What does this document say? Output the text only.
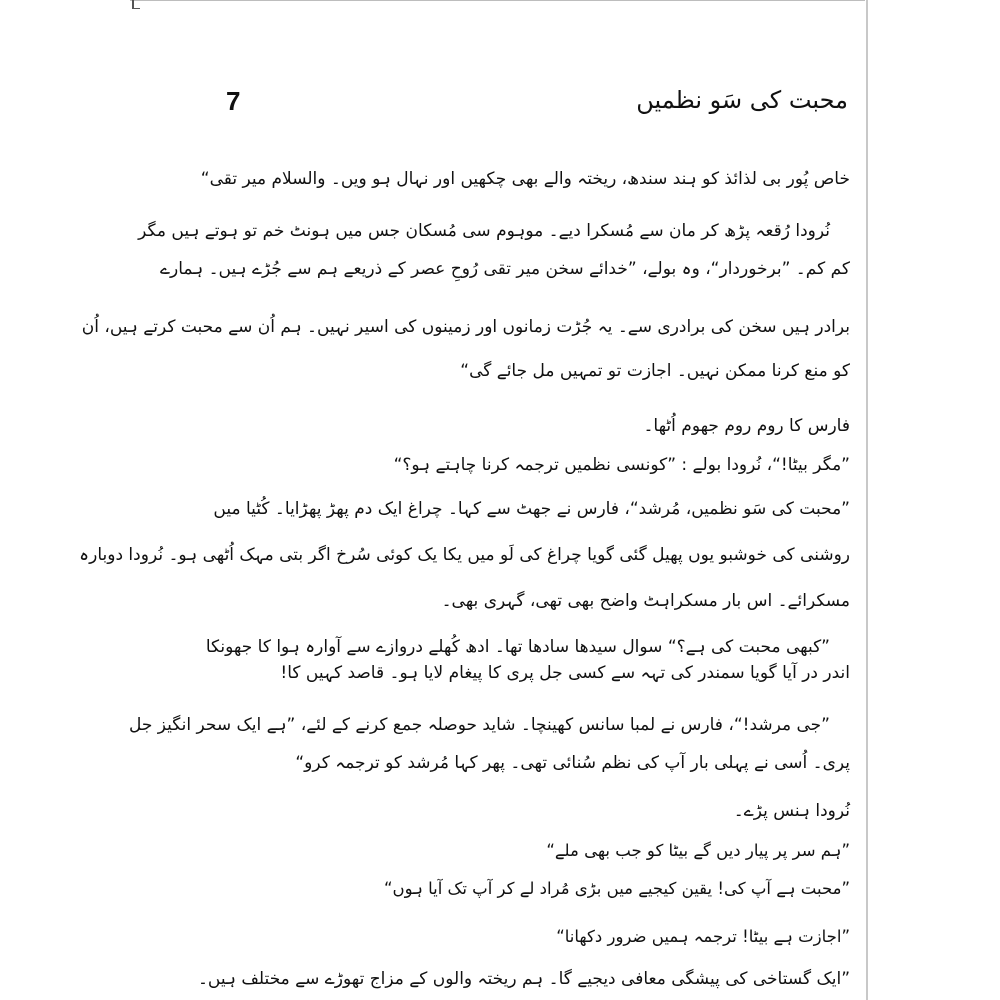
7	محبت کی سَو نظمیں
خاص پُور بی لذائذ کو ہند سندھ، ریختہ والے بھی چکھیں اور نہال ہو ویں۔ والسلام میر تقی“
نُرودا رُقعہ پڑھ کر مان سے مُسکرا دیے۔ موہوم سی مُسکان جس میں ہونٹ خم تو ہوتے ہیں مگر
کم کم۔ ”برخوردار“، وہ بولے، ”خدائے سخن میر تقی رُوحِ عصر کے ذریعے ہم سے جُڑے ہیں۔ ہمارے
برادر ہیں سخن کی برادری سے۔ یہ جُڑت زمانوں اور زمینوں کی اسیر نہیں۔ ہم اُن سے محبت کرتے ہیں، اُن
کو منع کرنا ممکن نہیں۔ اجازت تو تمہیں مل جائے گی“
فارس کا روم روم جھوم اُٹھا۔
”مگر بیٹا!“، نُرودا بولے : ”کونسی نظمیں ترجمہ کرنا چاہتے ہو؟“
”محبت کی سَو نظمیں، مُرشد“، فارس نے جھٹ سے کہا۔ چراغ ایک دم پھڑ پھڑایا۔ کُٹیا میں
روشنی کی خوشبو یوں پھیل گئی گویا چراغ کی لَو میں یکا یک کوئی سُرخ اگر بتی مہک اُٹھی ہو۔ نُرودا دوبارہ
مسکرائے۔ اس بار مسکراہٹ واضح بھی تھی، گہری بھی۔
”کبھی محبت کی ہے؟“ سوال سیدھا سادھا تھا۔ ادھ کُھلے دروازے سے آوارہ ہوا کا جھونکا
اندر در آیا گویا سمندر کی تہہ سے کسی جل پری کا پیغام لایا ہو۔ قاصد کہیں کا!
”جی مرشد!“، فارس نے لمبا سانس کھینچا۔ شاید حوصلہ جمع کرنے کے لئے، ”ہے ایک سحر انگیز جل
پری۔ اُسی نے پہلی بار آپ کی نظم سُنائی تھی۔ پھر کہا مُرشد کو ترجمہ کرو“
نُرودا ہنس پڑے۔
”ہم سر پر پیار دیں گے بیٹا کو جب بھی ملے“
”محبت ہے آپ کی! یقین کیجیے میں بڑی مُراد لے کر آپ تک آیا ہوں“
”اجازت ہے بیٹا! ترجمہ ہمیں ضرور دکھانا“
”ایک گستاخی کی پیشگی معافی دیجیے گا۔ ہم ریختہ والوں کے مزاج تھوڑے سے مختلف ہیں۔
